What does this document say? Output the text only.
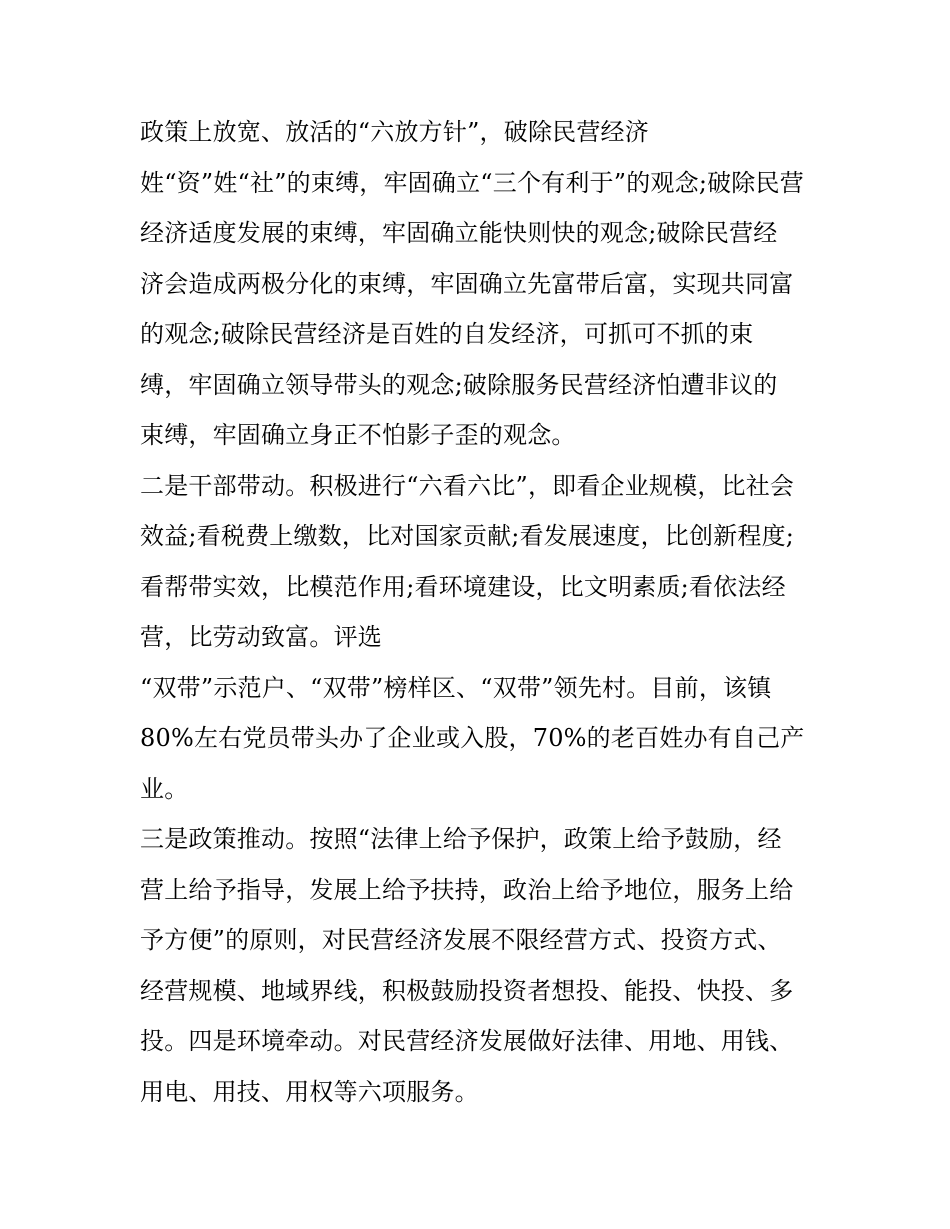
政策上放宽、放活的“六放方针”，破除民营经济
姓“资”姓“社”的束缚，牢固确立“三个有利于”的观念;破除民营
经济适度发展的束缚，牢固确立能快则快的观念;破除民营经
济会造成两极分化的束缚，牢固确立先富带后富，实现共同富
的观念;破除民营经济是百姓的自发经济，可抓可不抓的束
缚，牢固确立领导带头的观念;破除服务民营经济怕遭非议的
束缚，牢固确立身正不怕影子歪的观念。
二是干部带动。积极进行“六看六比”，即看企业规模，比社会
效益;看税费上缴数，比对国家贡献;看发展速度，比创新程度;
看帮带实效，比模范作用;看环境建设，比文明素质;看依法经
营，比劳动致富。评选
“双带”示范户、“双带”榜样区、“双带”领先村。目前，该镇
80%左右党员带头办了企业或入股，70%的老百姓办有自己产
业。
三是政策推动。按照“法律上给予保护，政策上给予鼓励，经
营上给予指导，发展上给予扶持，政治上给予地位，服务上给
予方便”的原则，对民营经济发展不限经营方式、投资方式、
经营规模、地域界线，积极鼓励投资者想投、能投、快投、多
投。四是环境牵动。对民营经济发展做好法律、用地、用钱、
用电、用技、用权等六项服务。
